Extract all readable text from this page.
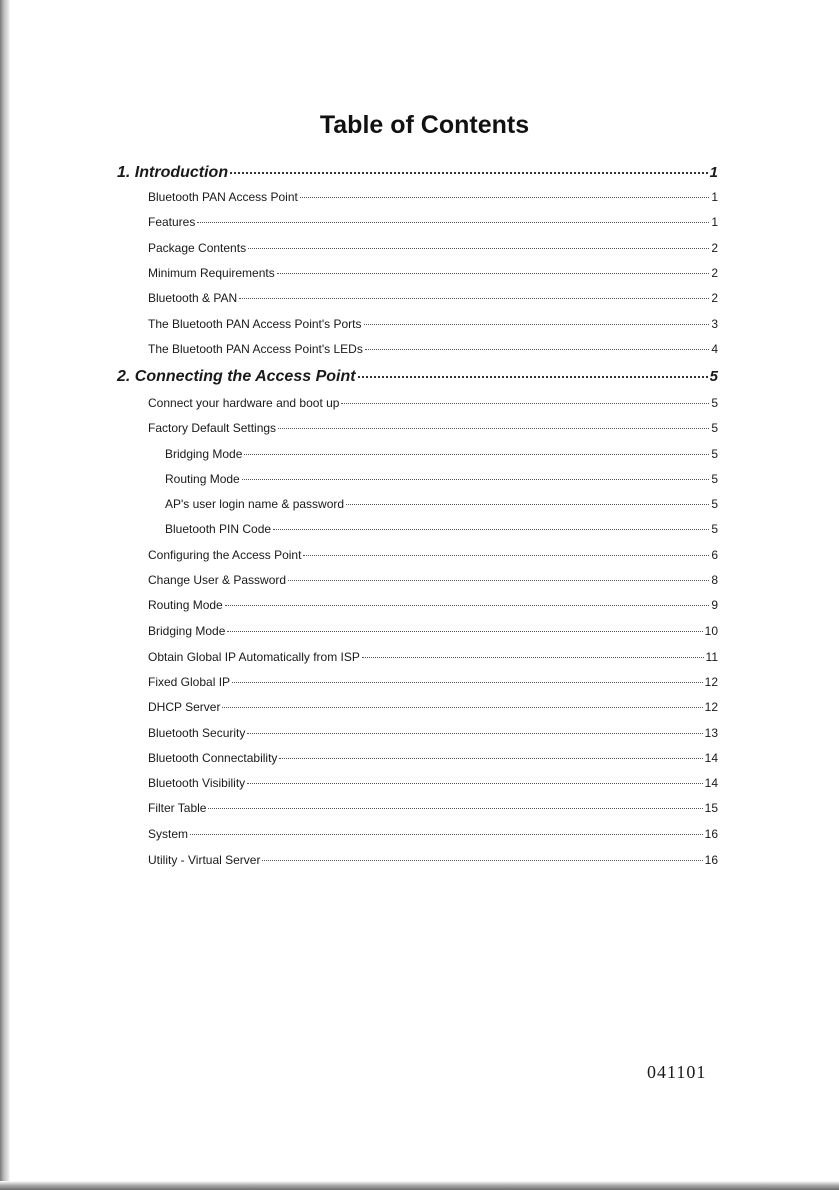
Table of Contents
1. Introduction	1
Bluetooth PAN Access Point	1
Features	1
Package Contents	2
Minimum Requirements	2
Bluetooth & PAN	2
The Bluetooth PAN Access Point's Ports	3
The Bluetooth PAN Access Point's LEDs	4
2. Connecting the Access Point	5
Connect your hardware and boot up	5
Factory Default Settings	5
Bridging Mode	5
Routing Mode	5
AP's user login name & password	5
Bluetooth PIN Code	5
Configuring the Access Point	6
Change User & Password	8
Routing Mode	9
Bridging Mode	10
Obtain Global IP Automatically from ISP	11
Fixed Global IP	12
DHCP Server	12
Bluetooth Security	13
Bluetooth Connectability	14
Bluetooth Visibility	14
Filter Table	15
System	16
Utility - Virtual Server	16
041101
